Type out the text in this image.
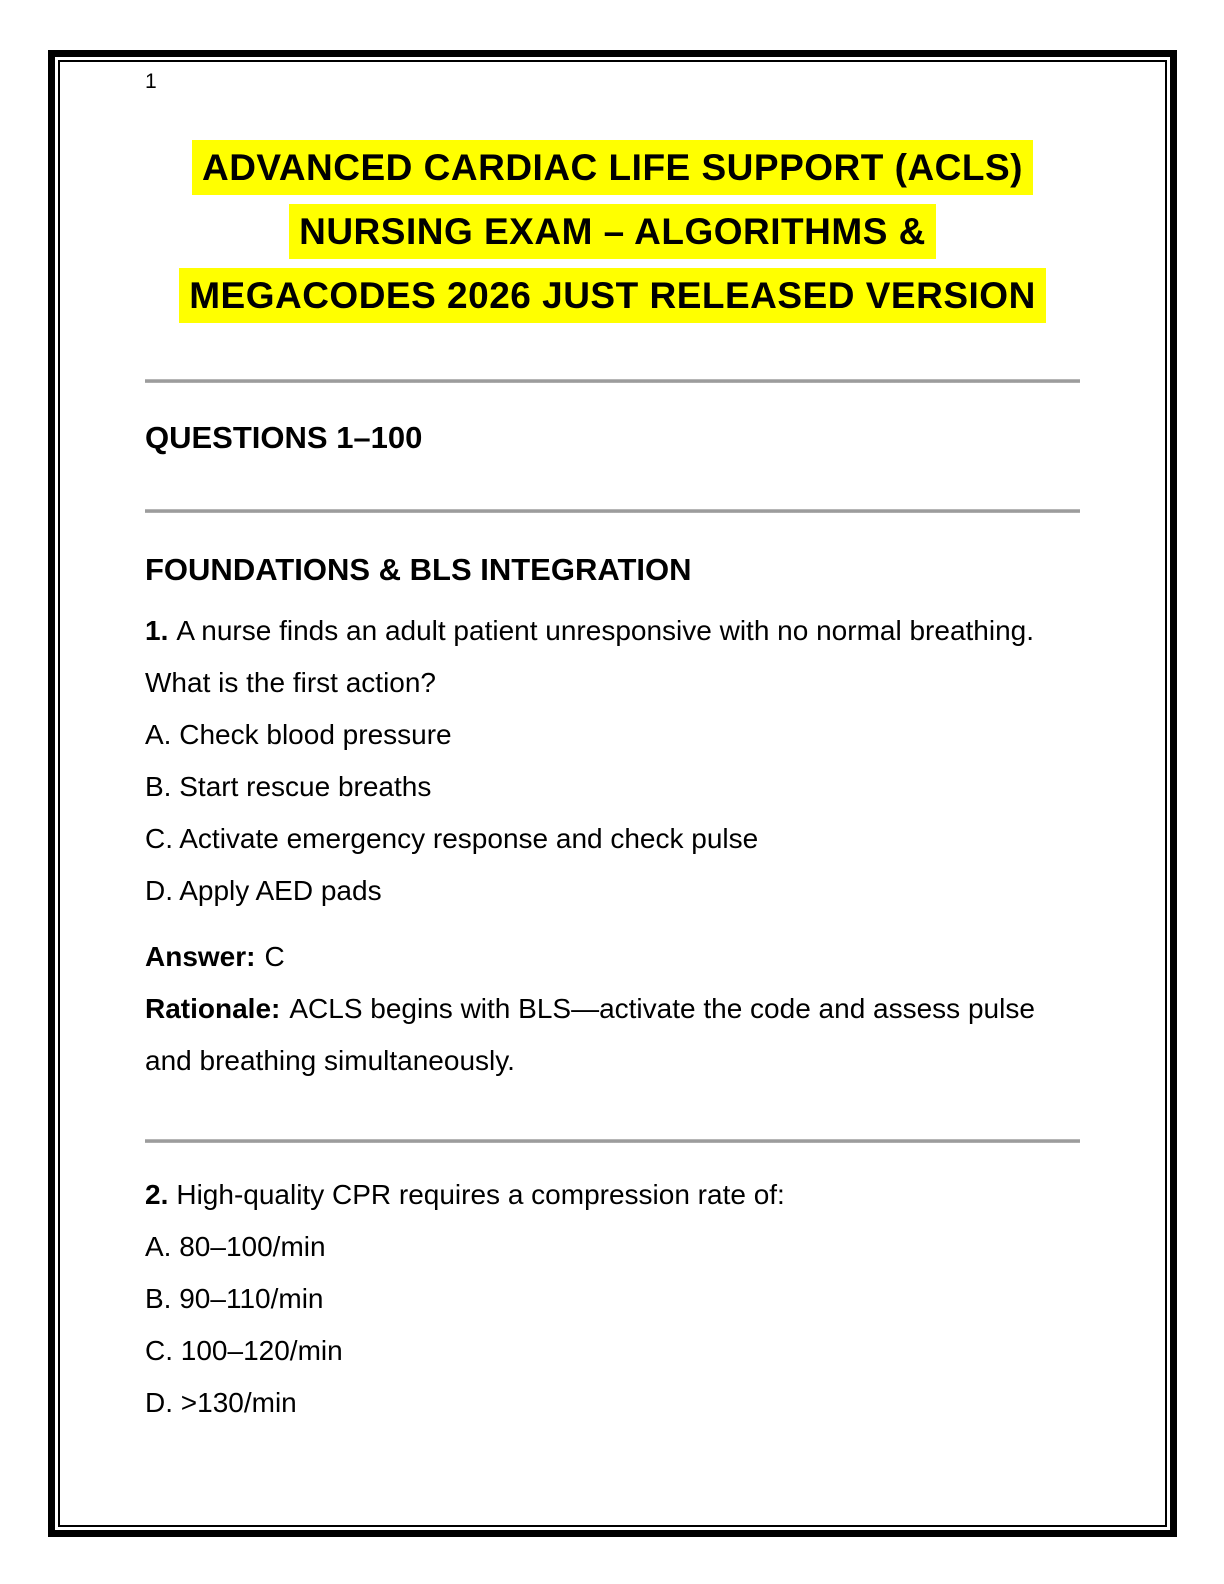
1
ADVANCED CARDIAC LIFE SUPPORT (ACLS)
NURSING EXAM – ALGORITHMS &
MEGACODES 2026 JUST RELEASED VERSION
QUESTIONS 1–100
FOUNDATIONS & BLS INTEGRATION

1. A nurse finds an adult patient unresponsive with no normal breathing. What is the first action?

A. Check blood pressure
B. Start rescue breaths
C. Activate emergency response and check pulse
D. Apply AED pads
Answer: C
Rationale: ACLS begins with BLS—activate the code and assess pulse and breathing simultaneously.

2. High-quality CPR requires a compression rate of:

A. 80–100/min
B. 90–110/min
C. 100–120/min
D. >130/min
